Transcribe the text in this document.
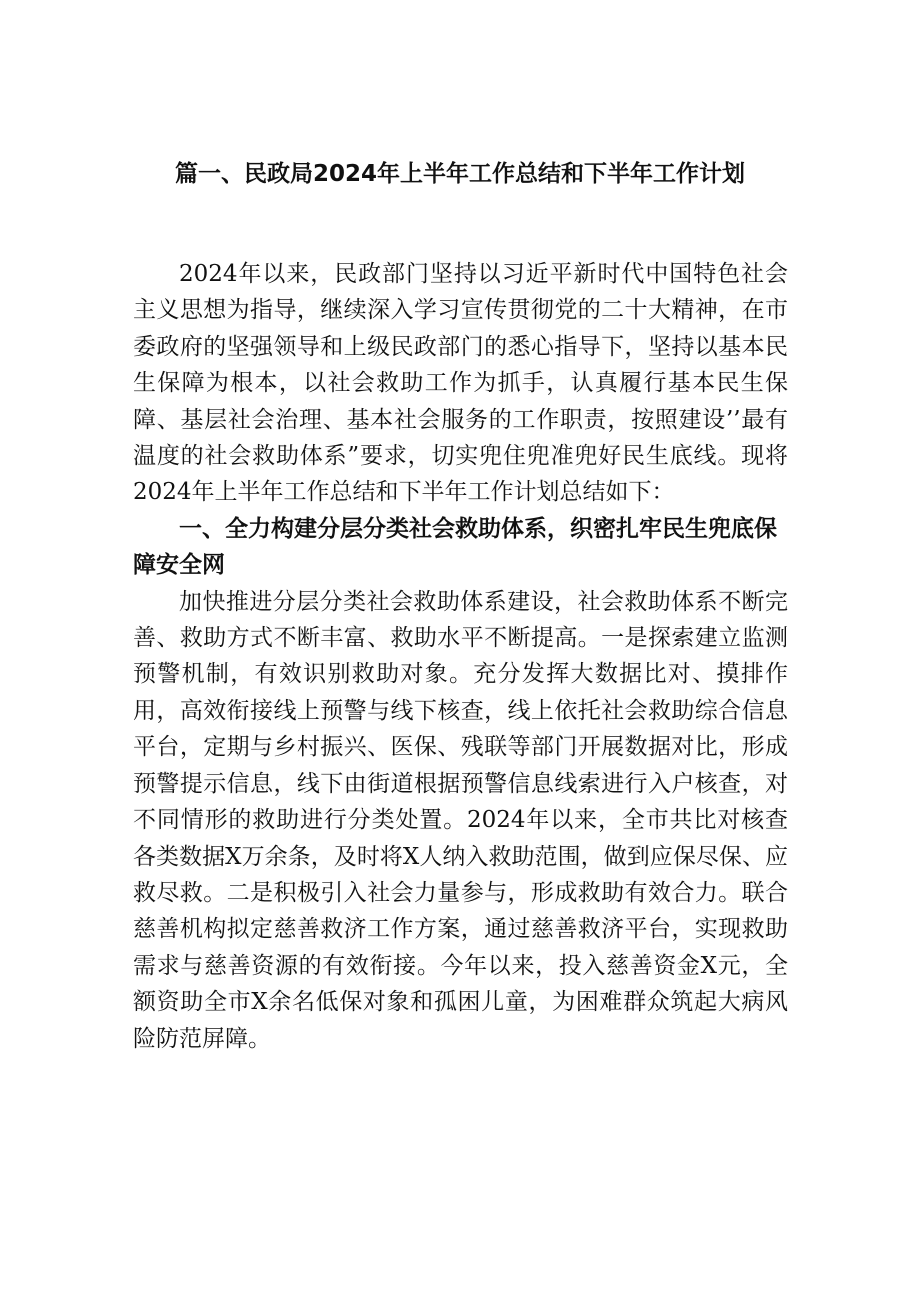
篇一、民政局2024年上半年工作总结和下半年工作计划

2024年以来，民政部门坚持以习近平新时代中国特色社会主义思想为指导，继续深入学习宣传贯彻党的二十大精神，在市委政府的坚强领导和上级民政部门的悉心指导下，坚持以基本民生保障为根本，以社会救助工作为抓手，认真履行基本民生保障、基层社会治理、基本社会服务的工作职责，按照建设’’最有温度的社会救助体系”要求，切实兜住兜准兜好民生底线。现将2024年上半年工作总结和下半年工作计划总结如下：

一、全力构建分层分类社会救助体系，织密扎牢民生兜底保障安全网

加快推进分层分类社会救助体系建设，社会救助体系不断完善、救助方式不断丰富、救助水平不断提高。一是探索建立监测预警机制，有效识别救助对象。充分发挥大数据比对、摸排作用，高效衔接线上预警与线下核查，线上依托社会救助综合信息平台，定期与乡村振兴、医保、残联等部门开展数据对比，形成预警提示信息，线下由街道根据预警信息线索进行入户核查，对不同情形的救助进行分类处置。2024年以来，全市共比对核查各类数据X万余条，及时将X人纳入救助范围，做到应保尽保、应救尽救。二是积极引入社会力量参与，形成救助有效合力。联合慈善机构拟定慈善救济工作方案，通过慈善救济平台，实现救助需求与慈善资源的有效衔接。今年以来，投入慈善资金X元，全额资助全市X余名低保对象和孤困儿童，为困难群众筑起大病风险防范屏障。
